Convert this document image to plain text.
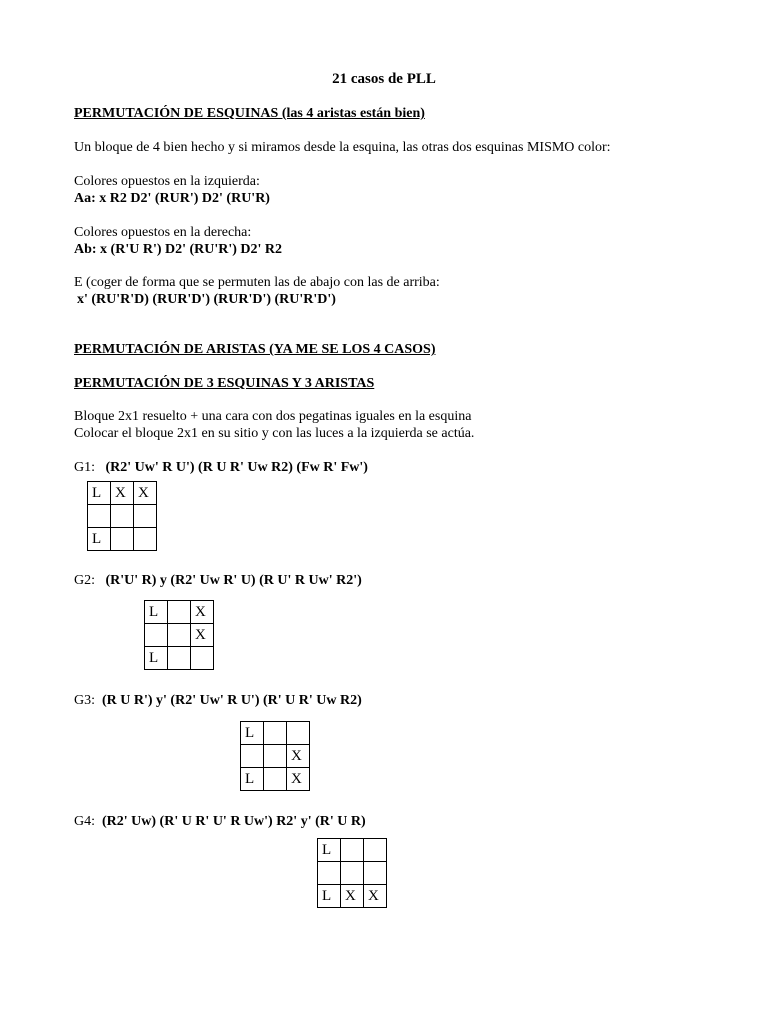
21 casos de PLL
PERMUTACIÓN DE ESQUINAS (las 4 aristas están bien)
Un bloque de 4 bien hecho y si miramos desde la esquina, las otras dos esquinas MISMO color:
Colores opuestos en la izquierda:
Aa: x R2 D2' (RUR') D2' (RU'R)
Colores opuestos en la derecha:
Ab: x (R'U R') D2' (RU'R') D2' R2
E (coger de forma que se permuten las de abajo con las de arriba:
x' (RU'R'D) (RUR'D') (RUR'D') (RU'R'D')
PERMUTACIÓN DE ARISTAS (YA ME SE LOS 4 CASOS)
PERMUTACIÓN DE 3 ESQUINAS Y 3 ARISTAS
Bloque 2x1 resuelto + una cara con dos pegatinas iguales en la esquina
Colocar el bloque 2x1 en su sitio y con las luces a la izquierda se actúa.
G1: (R2' Uw' R U') (R U R' Uw R2) (Fw R' Fw')
L	X	X

L		
G2: (R'U' R) y (R2' Uw R' U) (R U' R Uw' R2')
L		X
		X
L		
G3: (R U R') y' (R2' Uw' R U') (R' U R' Uw R2)
L		
		X
L		X
G4: (R2' Uw) (R' U R' U' R Uw') R2' y' (R' U R)
L		

L	X	X
